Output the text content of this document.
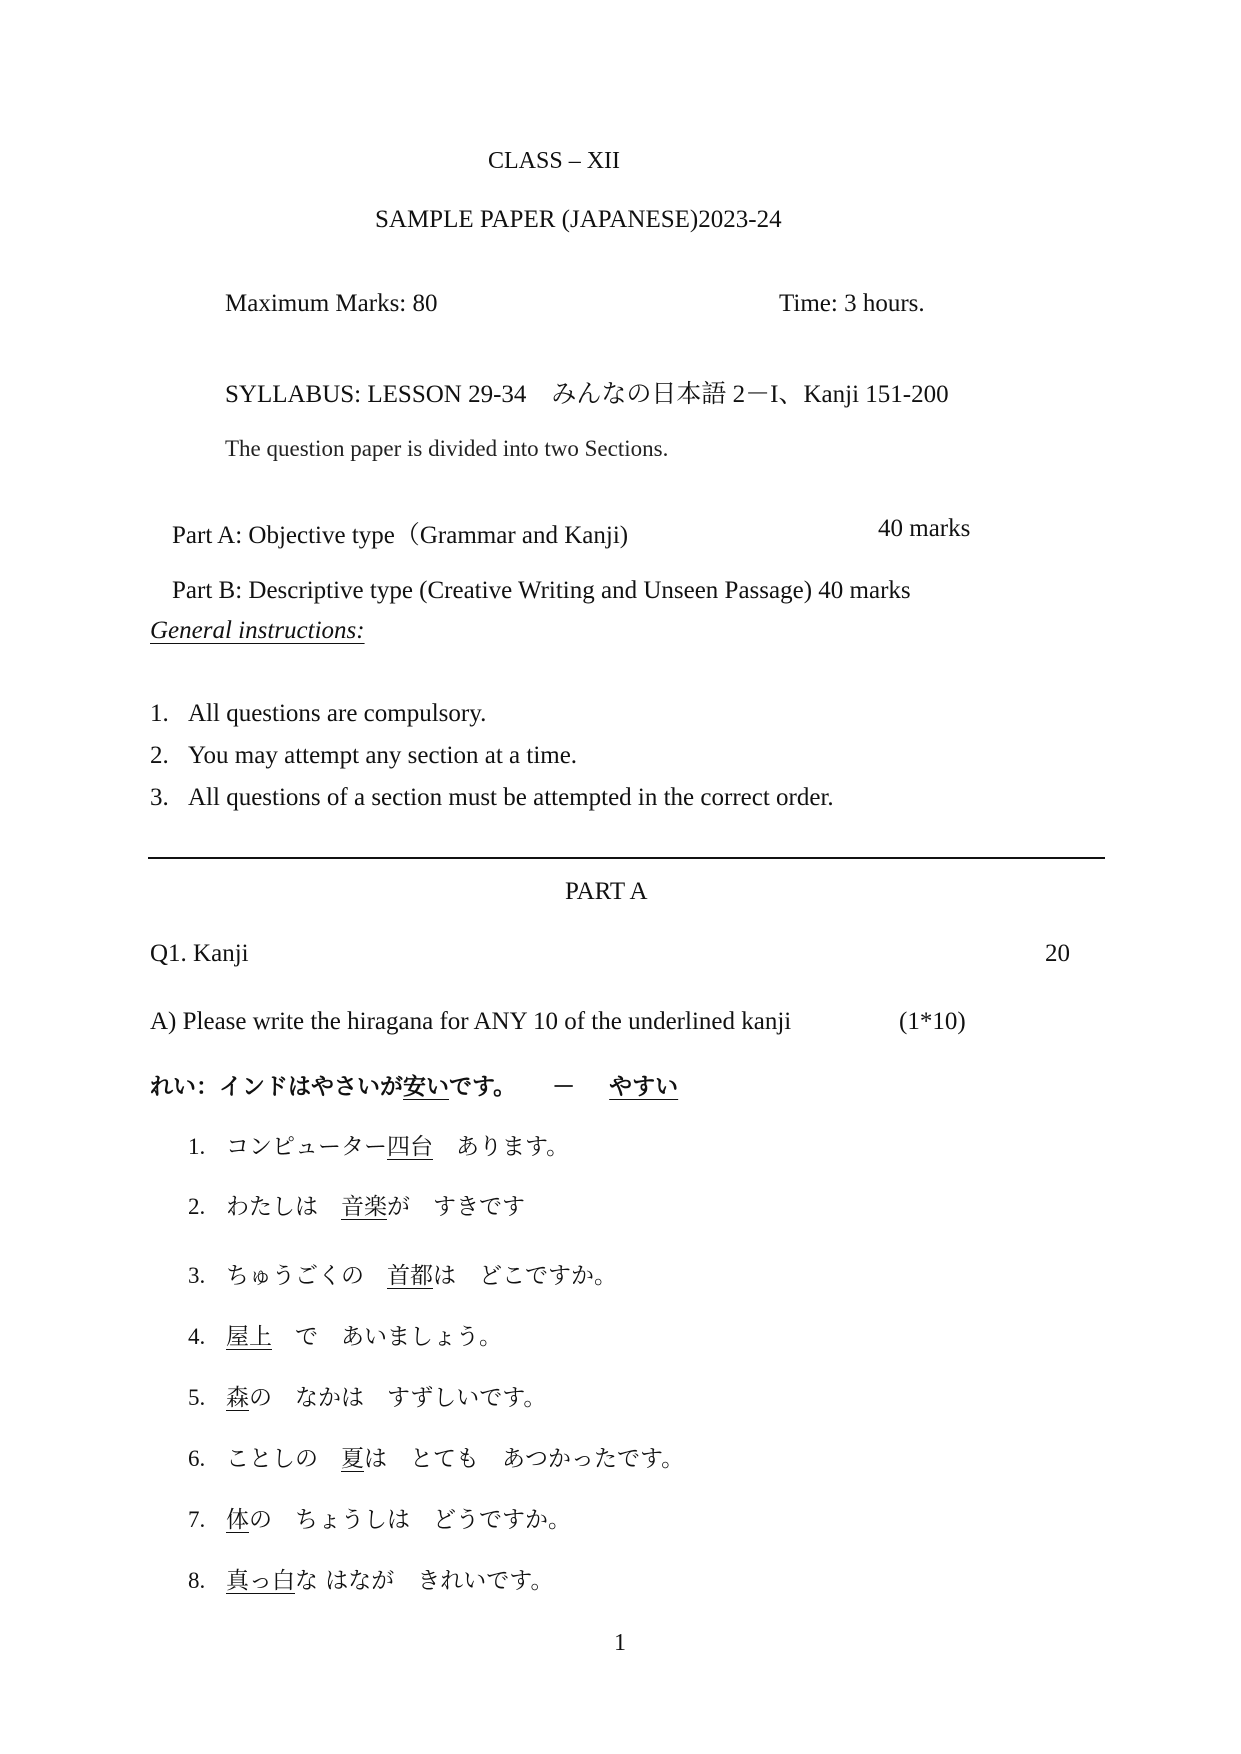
CLASS – XII
SAMPLE PAPER (JAPANESE)2023-24
Maximum Marks: 80	Time: 3 hours.
SYLLABUS: LESSON 29-34　みんなの日本語 2－I、Kanji 151-200
The question paper is divided into two Sections.
Part A: Objective type（Grammar and Kanji)	40 marks
Part B: Descriptive type (Creative Writing and Unseen Passage) 40 marks
General instructions:
1. All questions are compulsory.
2. You may attempt any section at a time.
3. All questions of a section must be attempted in the correct order.
PART A
Q1. Kanji	20
A) Please write the hiragana for ANY 10 of the underlined kanji	(1*10)
れい：インドはやさいが安いです。 － やすい
1. コンピューター四台　あります。
2. わたしは　音楽が　すきです
3. ちゅうごくの　首都は　どこですか。
4. 屋上　で　あいましょう。
5. 森の　なかは　すずしいです。
6. ことしの　夏は　とても　あつかったです。
7. 体の　ちょうしは　どうですか。
8. 真っ白な はなが　きれいです。
1
